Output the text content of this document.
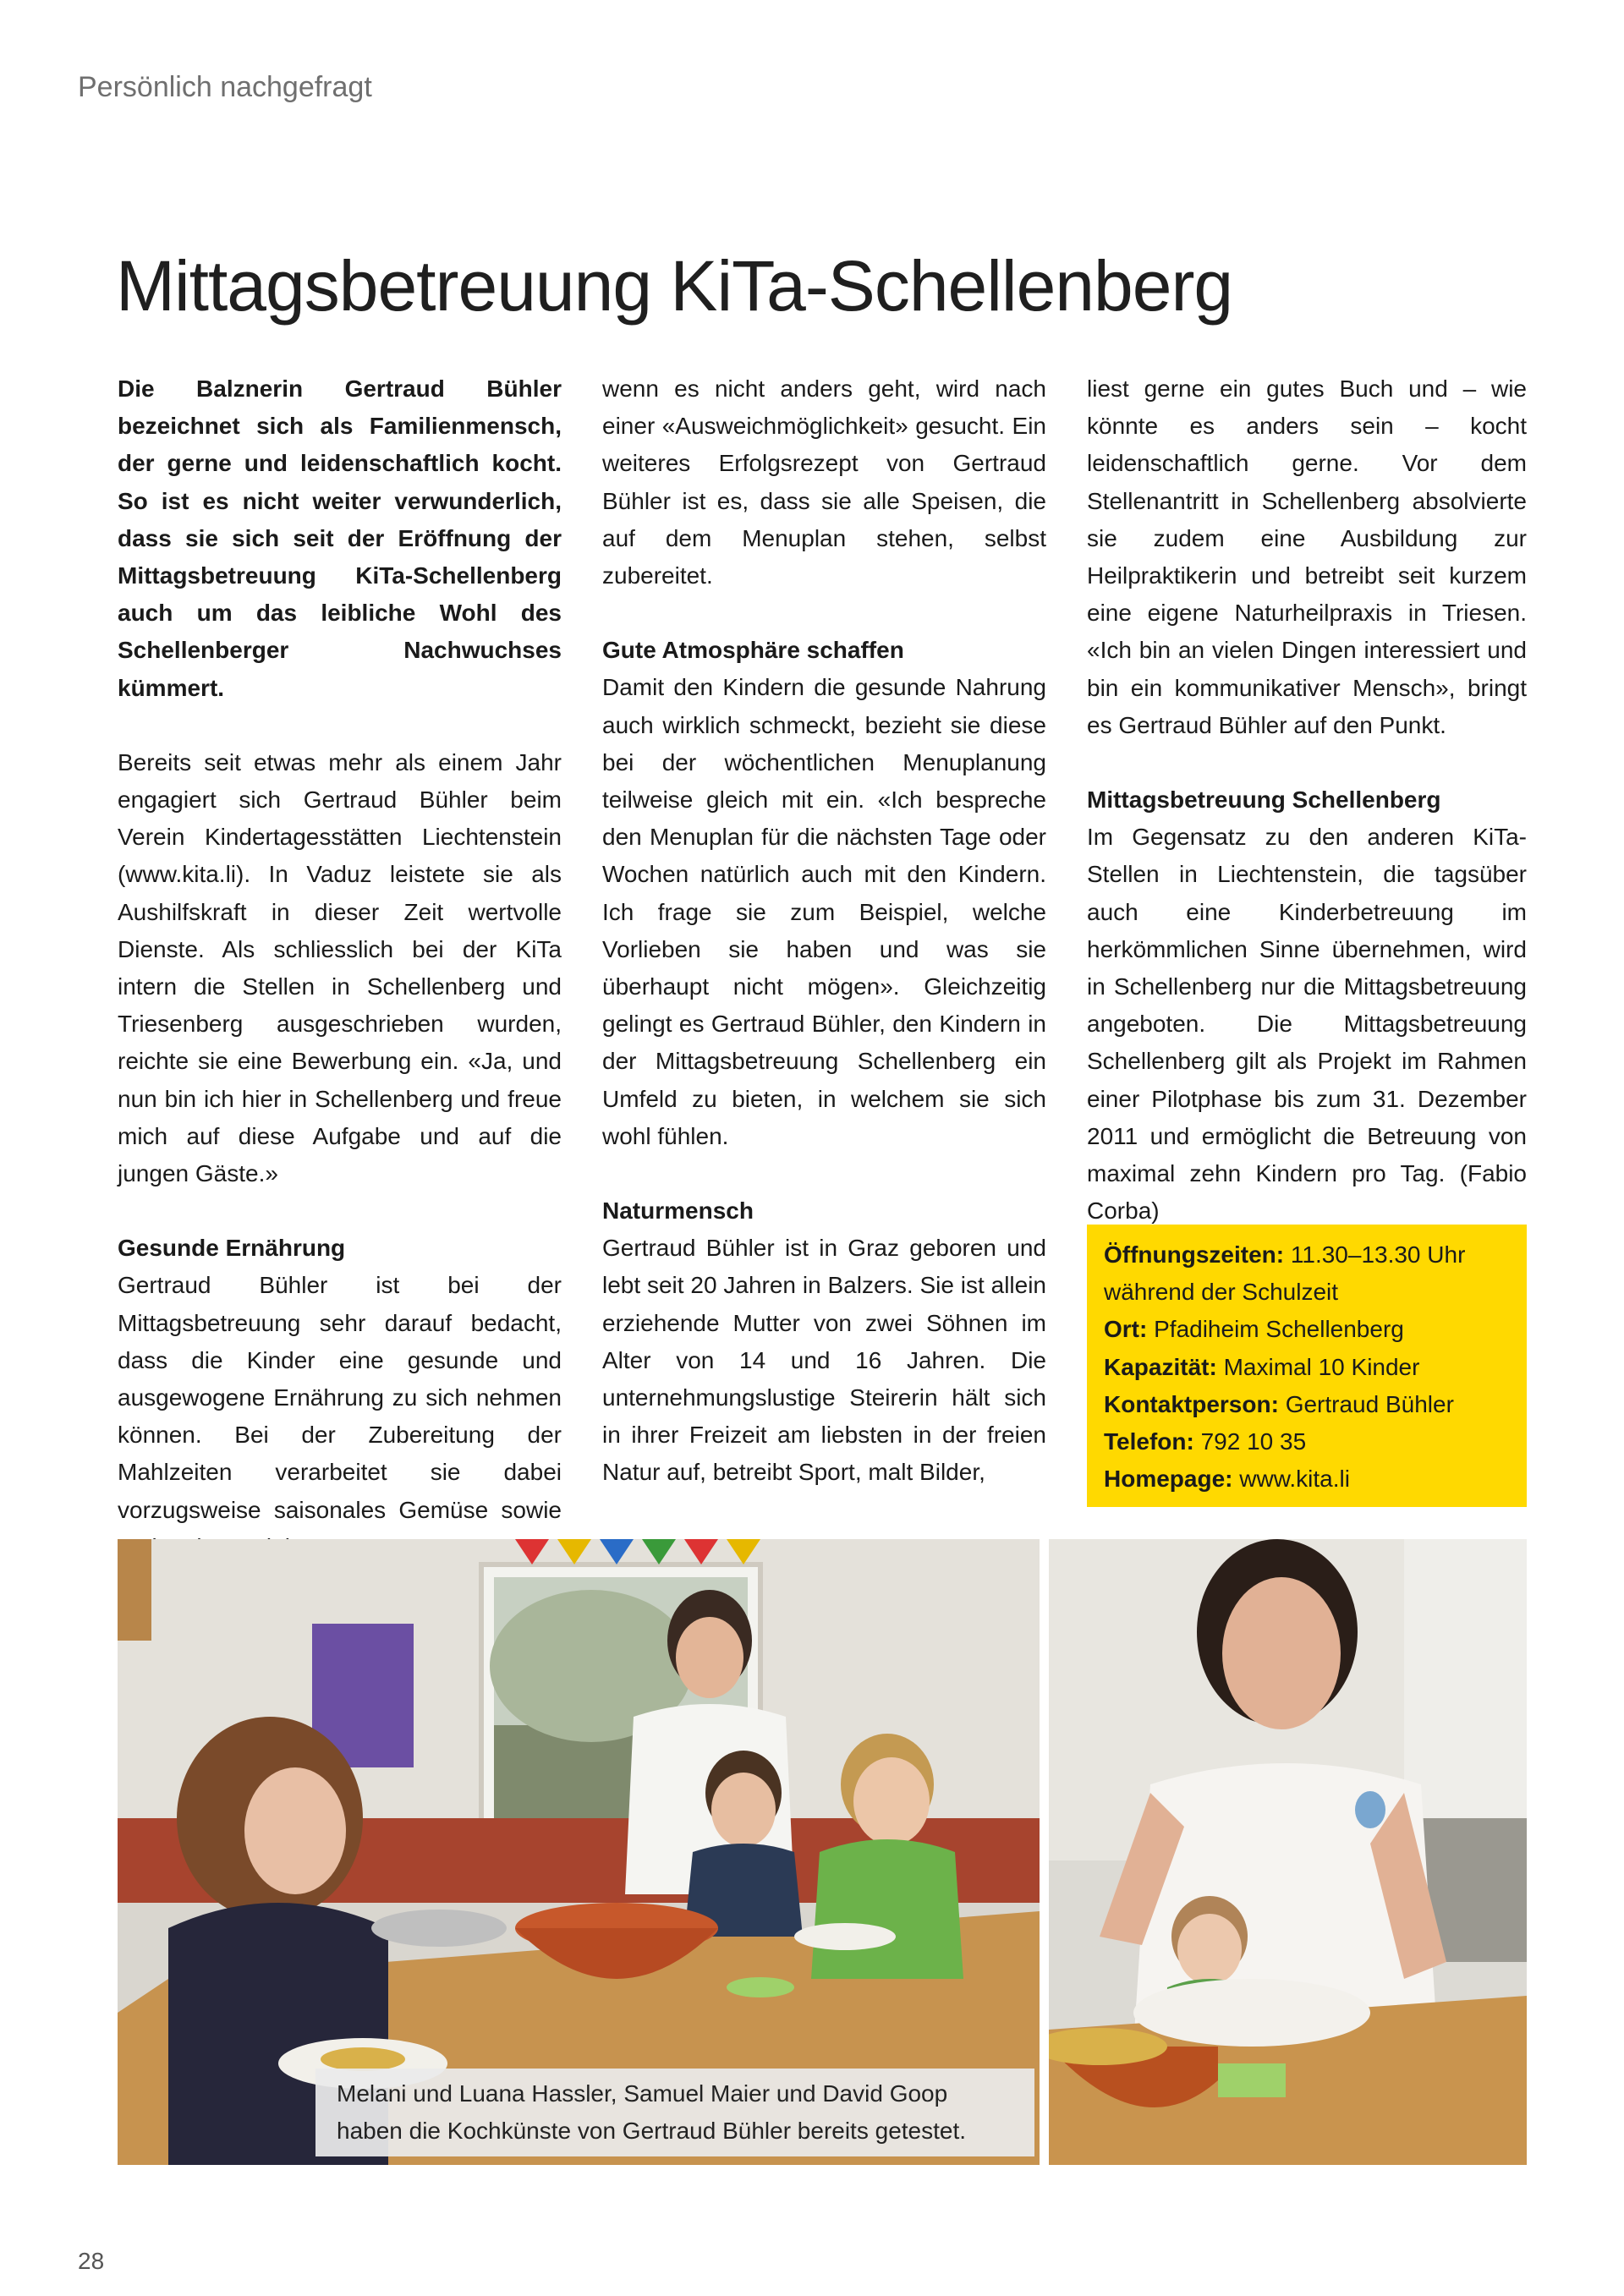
Persönlich nachgefragt
Mittagsbetreuung KiTa-Schellenberg

Die Balznerin Gertraud Bühler bezeichnet sich als Familienmensch, der gerne und leidenschaftlich kocht. So ist es nicht weiter verwunderlich, dass sie sich seit der Eröffnung der Mittagsbetreuung KiTa-Schellenberg auch um das leibliche Wohl des Schellenberger Nachwuchses kümmert.

Bereits seit etwas mehr als einem Jahr engagiert sich Gertraud Bühler beim Verein Kindertagesstätten Liechtenstein (www.kita.li). In Vaduz leistete sie als Aushilfskraft in dieser Zeit wertvolle Dienste. Als schliesslich bei der KiTa intern die Stellen in Schellenberg und Triesenberg ausgeschrieben wurden, reichte sie eine Bewerbung ein. «Ja, und nun bin ich hier in Schellenberg und freue mich auf diese Aufgabe und auf die jungen Gäste.»

Gesunde Ernährung

Gertraud Bühler ist bei der Mittagsbetreuung sehr darauf bedacht, dass die Kinder eine gesunde und ausgewogene Ernährung zu sich nehmen können. Bei der Zubereitung der Mahlzeiten verarbeitet sie dabei vorzugsweise saisonales Gemüse sowie

wenn es nicht anders geht, wird nach einer «Ausweichmöglichkeit» gesucht. Ein weiteres Erfolgsrezept von Gertraud Bühler ist es, dass sie alle Speisen, die auf dem Menuplan stehen, selbst zubereitet.

Gute Atmosphäre schaffen

Damit den Kindern die gesunde Nahrung auch wirklich schmeckt, bezieht sie diese bei der wöchentlichen Menuplanung teilweise gleich mit ein. «Ich bespreche den Menuplan für die nächsten Tage oder Wochen natürlich auch mit den Kindern. Ich frage sie zum Beispiel, welche Vorlieben sie haben und was sie überhaupt nicht mögen». Gleichzeitig gelingt es Gertraud Bühler, den Kindern in der Mittagsbetreuung Schellenberg ein Umfeld zu bieten, in welchem sie sich wohl fühlen.

Naturmensch

Gertraud Bühler ist in Graz geboren und lebt seit 20 Jahren in Balzers. Sie ist allein erziehende Mutter von zwei Söhnen im Alter von 14 und 16 Jahren. Die unternehmungslustige Steirerin hält sich in ihrer Freizeit am liebsten in der freien Natur auf, betreibt Sport, malt Bilder,

liest gerne ein gutes Buch und – wie könnte es anders sein – kocht leidenschaftlich gerne. Vor dem Stellenantritt in Schellenberg absolvierte sie zudem eine Ausbildung zur Heilpraktikerin und betreibt seit kurzem eine eigene Naturheilpraxis in Triesen. «Ich bin an vielen Dingen interessiert und bin ein kommunikativer Mensch», bringt es Gertraud Bühler auf den Punkt.

Mittagsbetreuung Schellenberg

Im Gegensatz zu den anderen KiTa-Stellen in Liechtenstein, die tagsüber auch eine Kinderbetreuung im herkömmlichen Sinne übernehmen, wird in Schellenberg nur die Mittagsbetreuung angeboten. Die Mittagsbetreuung Schellenberg gilt als Projekt im Rahmen einer Pilotphase bis zum 31. Dezember 2011 und ermöglicht die Betreuung von maximal zehn Kindern pro Tag. (Fabio Corba)

Öffnungszeiten: 11.30–13.30 Uhr
während der Schulzeit
Ort: Pfadiheim Schellenberg
Kapazität: Maximal 10 Kinder
Kontaktperson: Gertraud Bühler
Telefon: 792 10 35
Homepage: www.kita.li
Melani und Luana Hassler, Samuel Maier und David Goop
haben die Kochkünste von Gertraud Bühler bereits getestet.
28
